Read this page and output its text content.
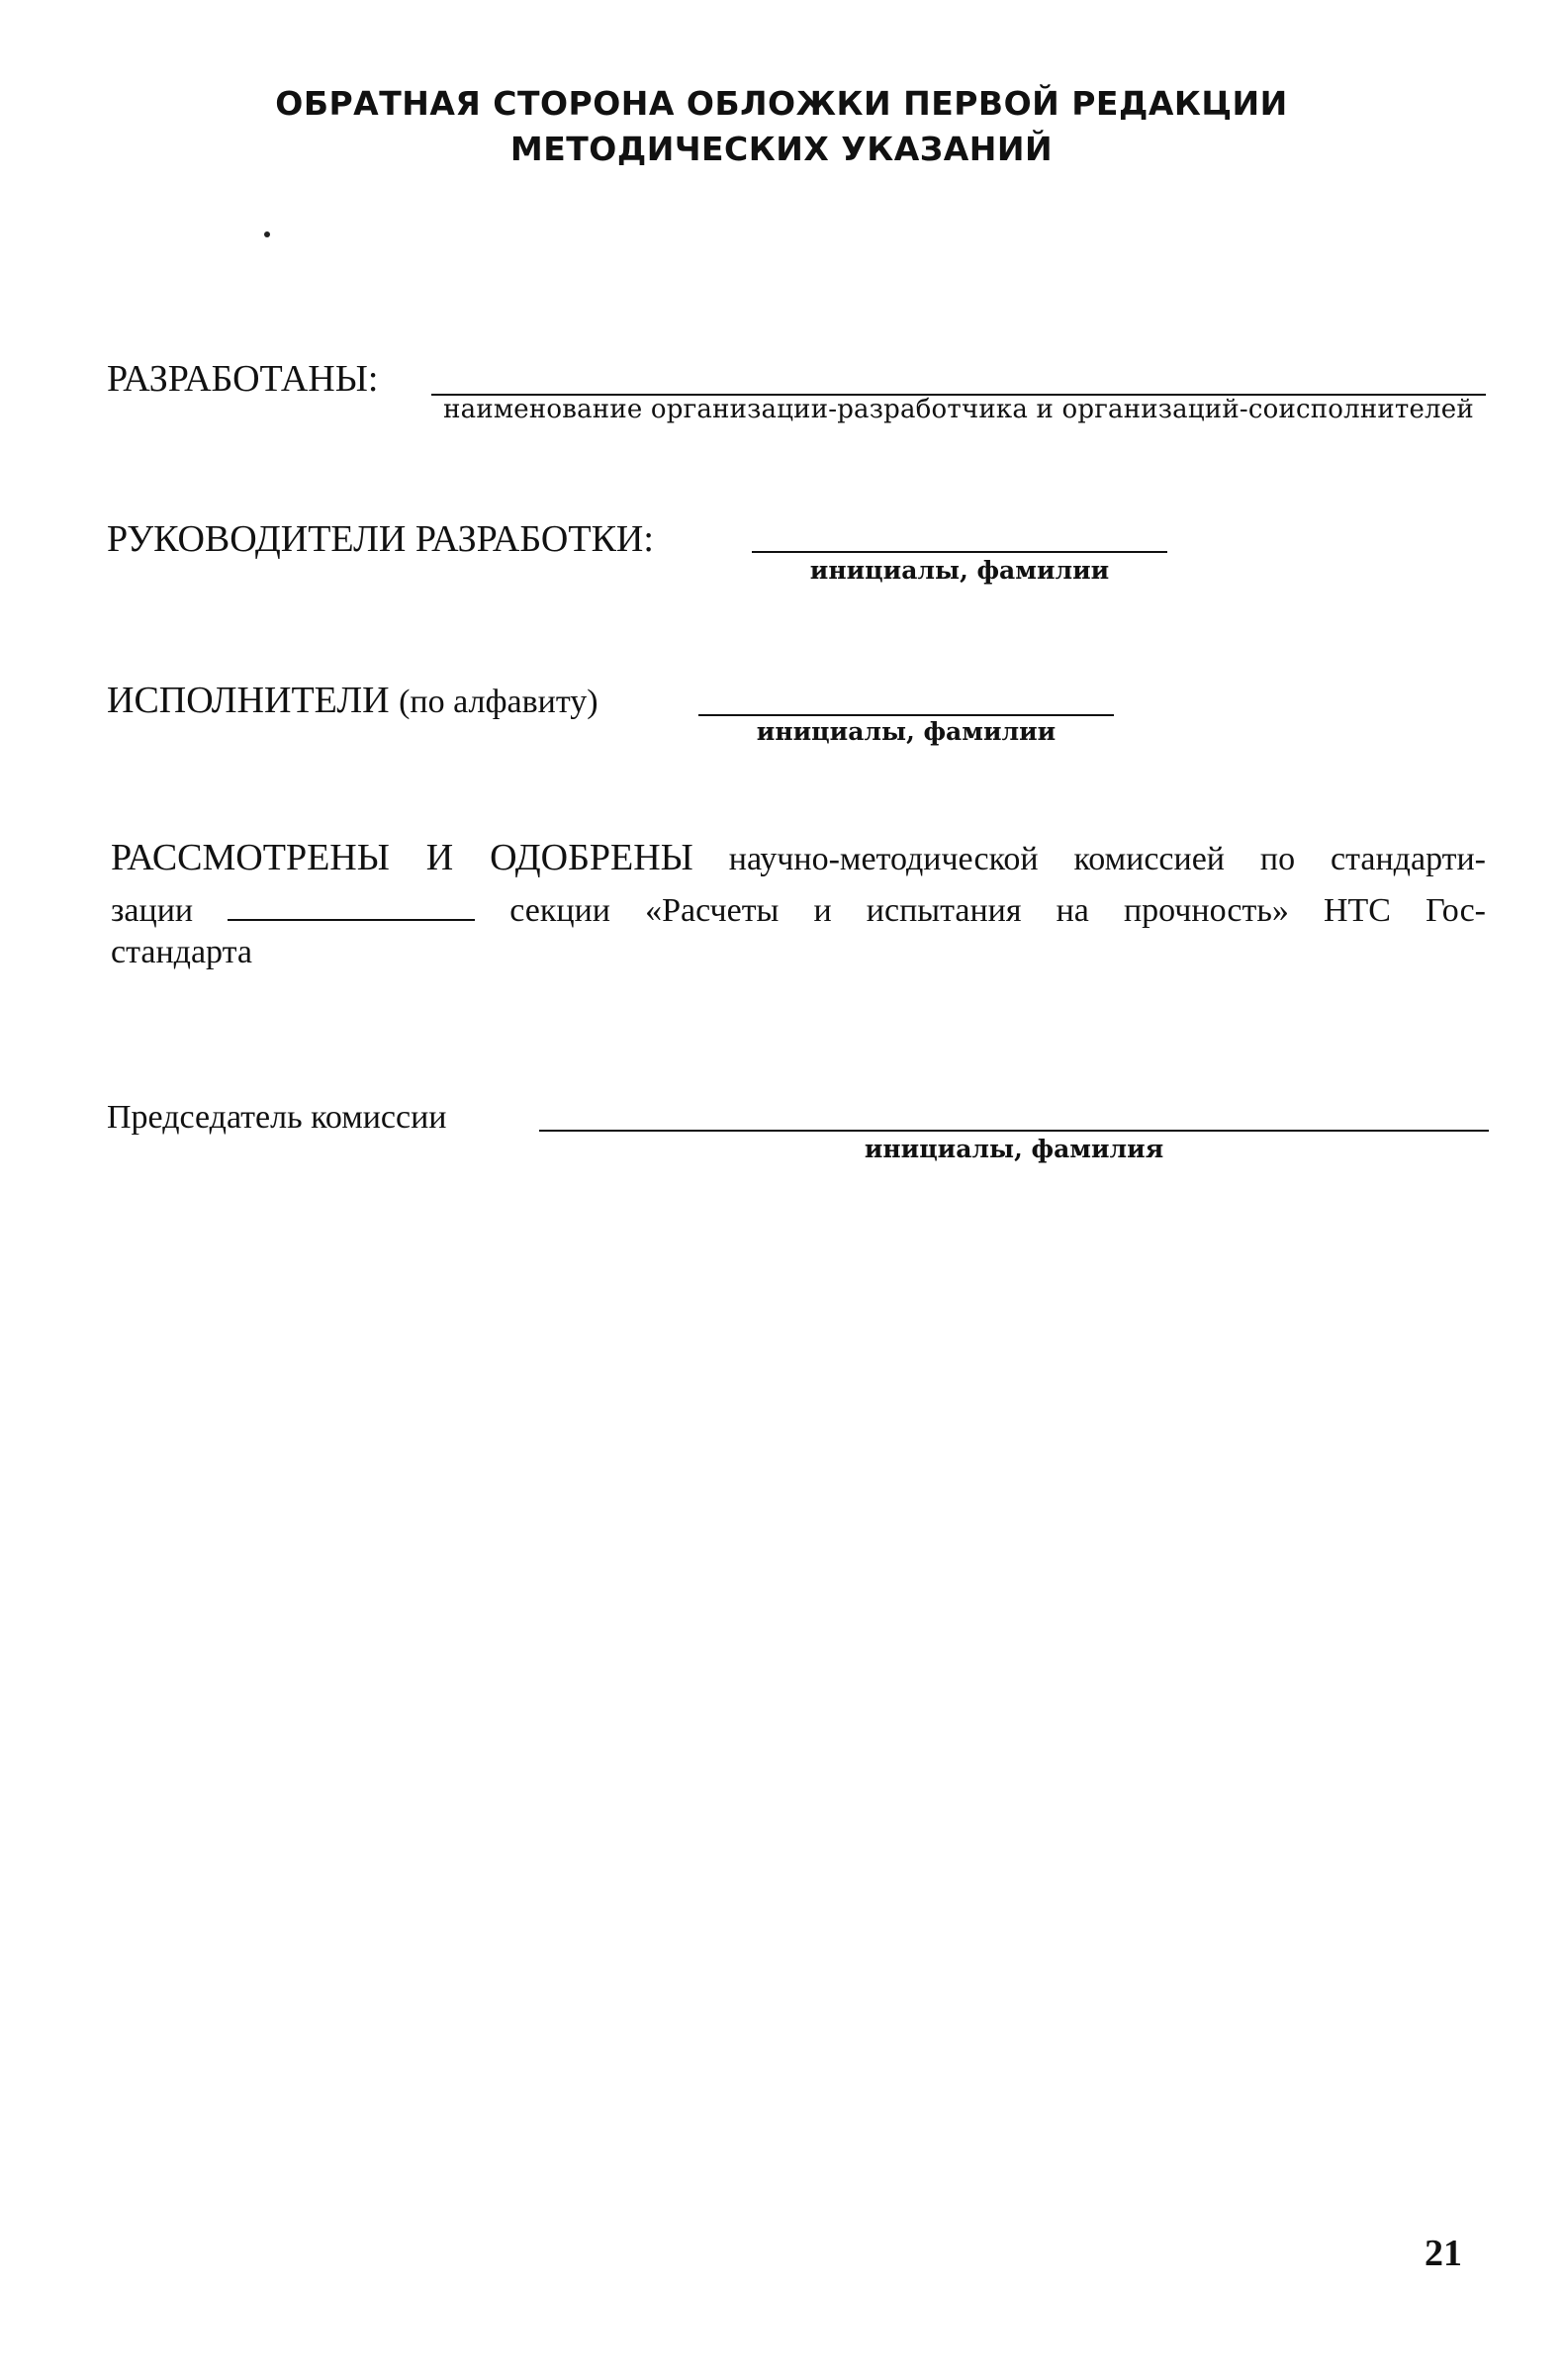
ОБРАТНАЯ СТОРОНА ОБЛОЖКИ ПЕРВОЙ РЕДАКЦИИ
МЕТОДИЧЕСКИХ УКАЗАНИЙ
РАЗРАБОТАНЫ:
наименование организации-разработчика и организаций-соисполнителей
РУКОВОДИТЕЛИ РАЗРАБОТКИ:
инициалы, фамилии
ИСПОЛНИТЕЛИ (по алфавиту)
инициалы, фамилии
РАССМОТРЕНЫ И ОДОБРЕНЫ научно-методической комиссией по стандарти-
зации	секции «Расчеты и испытания на прочность» НТС Гос-
стандарта
Председатель комиссии
инициалы, фамилия
21
